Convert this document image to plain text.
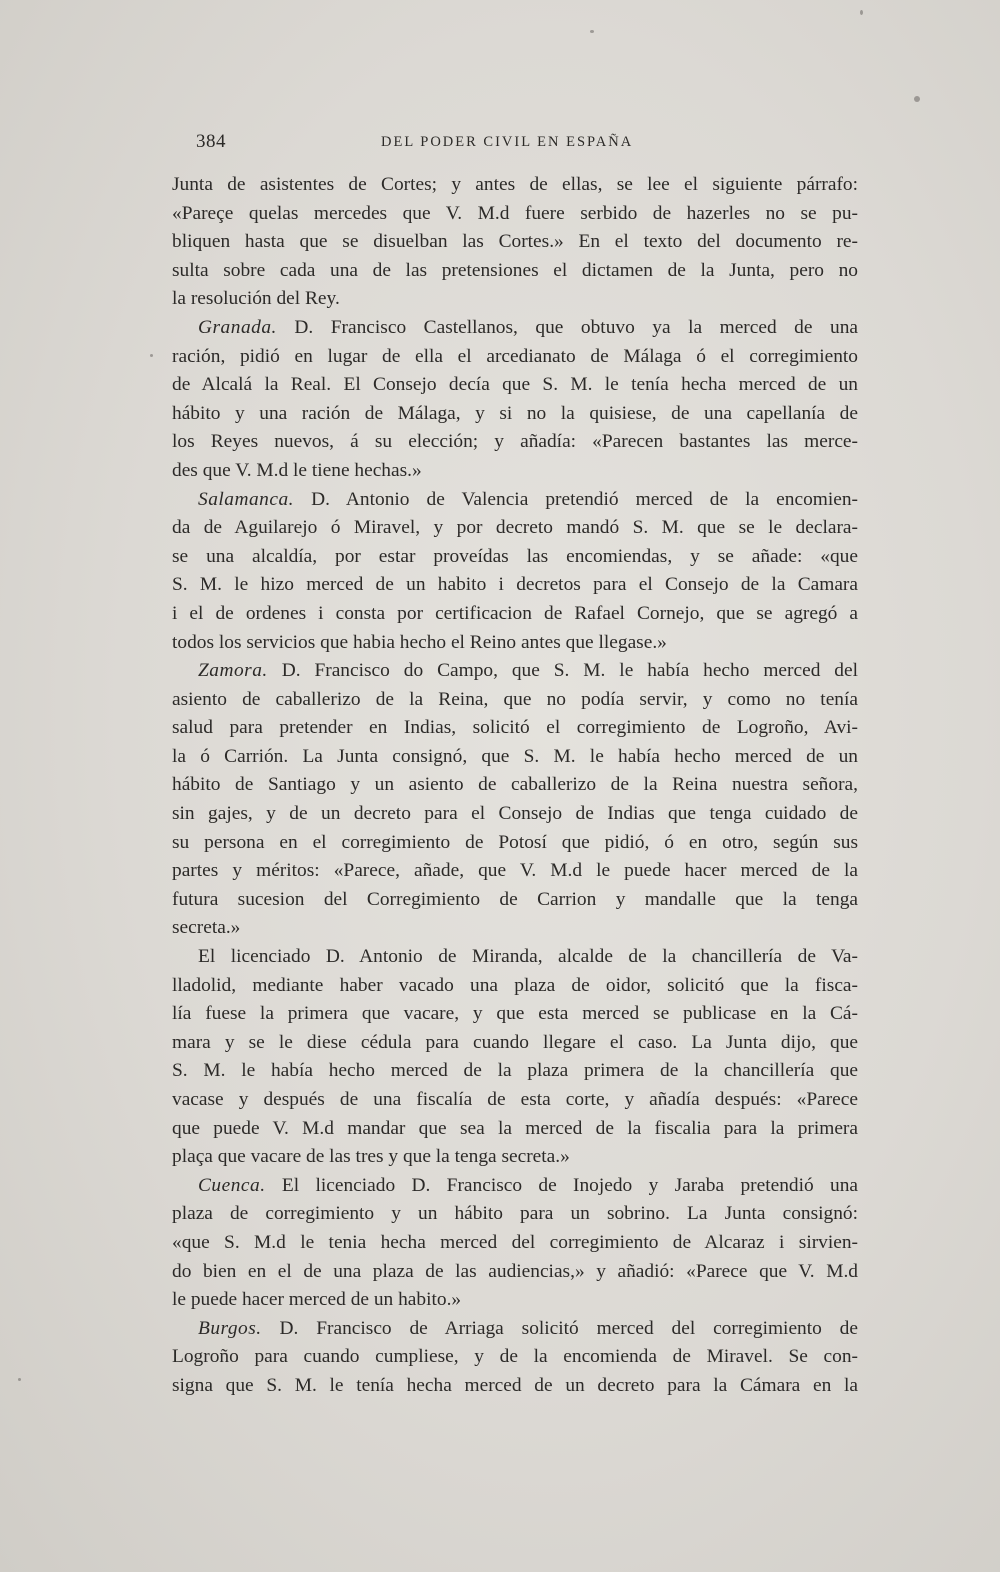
384	DEL PODER CIVIL EN ESPAÑA
Junta de asistentes de Cortes; y antes de ellas, se lee el siguiente párrafo:
«Pareçe quelas mercedes que V. M.d fuere serbido de hazerles no se pu-
bliquen hasta que se disuelban las Cortes.» En el texto del documento re-
sulta sobre cada una de las pretensiones el dictamen de la Junta, pero no
la resolución del Rey.
Granada. D. Francisco Castellanos, que obtuvo ya la merced de una
ración, pidió en lugar de ella el arcedianato de Málaga ó el corregimiento
de Alcalá la Real. El Consejo decía que S. M. le tenía hecha merced de un
hábito y una ración de Málaga, y si no la quisiese, de una capellanía de
los Reyes nuevos, á su elección; y añadía: «Parecen bastantes las merce-
des que V. M.d le tiene hechas.»
Salamanca. D. Antonio de Valencia pretendió merced de la encomien-
da de Aguilarejo ó Miravel, y por decreto mandó S. M. que se le declara-
se una alcaldía, por estar proveídas las encomiendas, y se añade: «que
S. M. le hizo merced de un habito i decretos para el Consejo de la Camara
i el de ordenes i consta por certificacion de Rafael Cornejo, que se agregó a
todos los servicios que habia hecho el Reino antes que llegase.»
Zamora. D. Francisco do Campo, que S. M. le había hecho merced del
asiento de caballerizo de la Reina, que no podía servir, y como no tenía
salud para pretender en Indias, solicitó el corregimiento de Logroño, Avi-
la ó Carrión. La Junta consignó, que S. M. le había hecho merced de un
hábito de Santiago y un asiento de caballerizo de la Reina nuestra señora,
sin gajes, y de un decreto para el Consejo de Indias que tenga cuidado de
su persona en el corregimiento de Potosí que pidió, ó en otro, según sus
partes y méritos: «Parece, añade, que V. M.d le puede hacer merced de la
futura sucesion del Corregimiento de Carrion y mandalle que la tenga
secreta.»
El licenciado D. Antonio de Miranda, alcalde de la chancillería de Va-
lladolid, mediante haber vacado una plaza de oidor, solicitó que la fisca-
lía fuese la primera que vacare, y que esta merced se publicase en la Cá-
mara y se le diese cédula para cuando llegare el caso. La Junta dijo, que
S. M. le había hecho merced de la plaza primera de la chancillería que
vacase y después de una fiscalía de esta corte, y añadía después: «Parece
que puede V. M.d mandar que sea la merced de la fiscalia para la primera
plaça que vacare de las tres y que la tenga secreta.»
Cuenca. El licenciado D. Francisco de Inojedo y Jaraba pretendió una
plaza de corregimiento y un hábito para un sobrino. La Junta consignó:
«que S. M.d le tenia hecha merced del corregimiento de Alcaraz i sirvien-
do bien en el de una plaza de las audiencias,» y añadió: «Parece que V. M.d
le puede hacer merced de un habito.»
Burgos. D. Francisco de Arriaga solicitó merced del corregimiento de
Logroño para cuando cumpliese, y de la encomienda de Miravel. Se con-
signa que S. M. le tenía hecha merced de un decreto para la Cámara en la
